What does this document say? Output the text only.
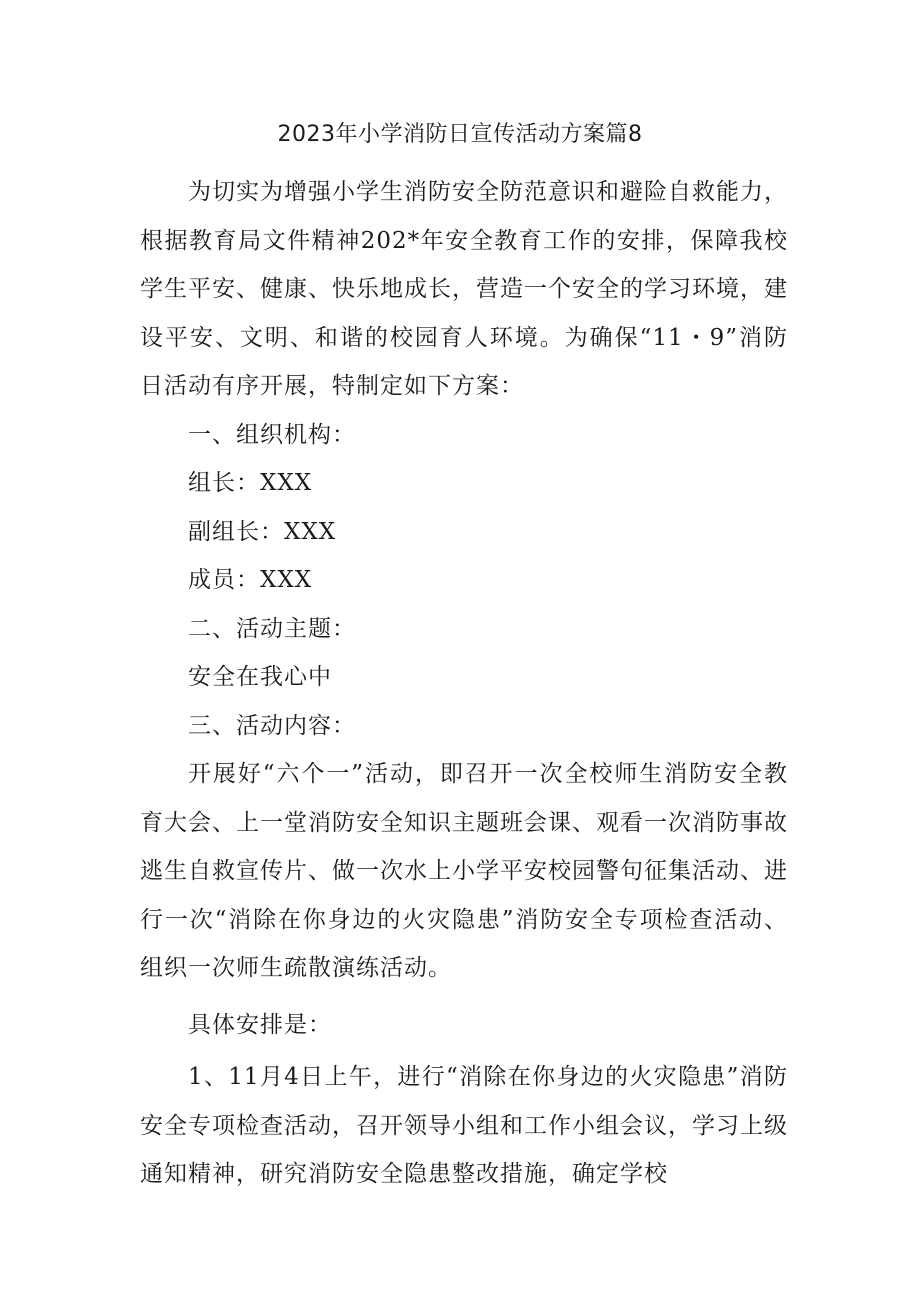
2023年小学消防日宣传活动方案篇8

为切实为增强小学生消防安全防范意识和避险自救能力，根据教育局文件精神202*年安全教育工作的安排，保障我校学生平安、健康、快乐地成长，营造一个安全的学习环境，建设平安、文明、和谐的校园育人环境。为确保“11・9”消防日活动有序开展，特制定如下方案：

一、组织机构：

组长：XXX

副组长：XXX

成员：XXX

二、活动主题：

安全在我心中

三、活动内容：

开展好“六个一”活动，即召开一次全校师生消防安全教育大会、上一堂消防安全知识主题班会课、观看一次消防事故逃生自救宣传片、做一次水上小学平安校园警句征集活动、进行一次“消除在你身边的火灾隐患”消防安全专项检查活动、组织一次师生疏散演练活动。

具体安排是：

1、11月4日上午，进行“消除在你身边的火灾隐患”消防安全专项检查活动，召开领导小组和工作小组会议，学习上级通知精神，研究消防安全隐患整改措施，确定学校
